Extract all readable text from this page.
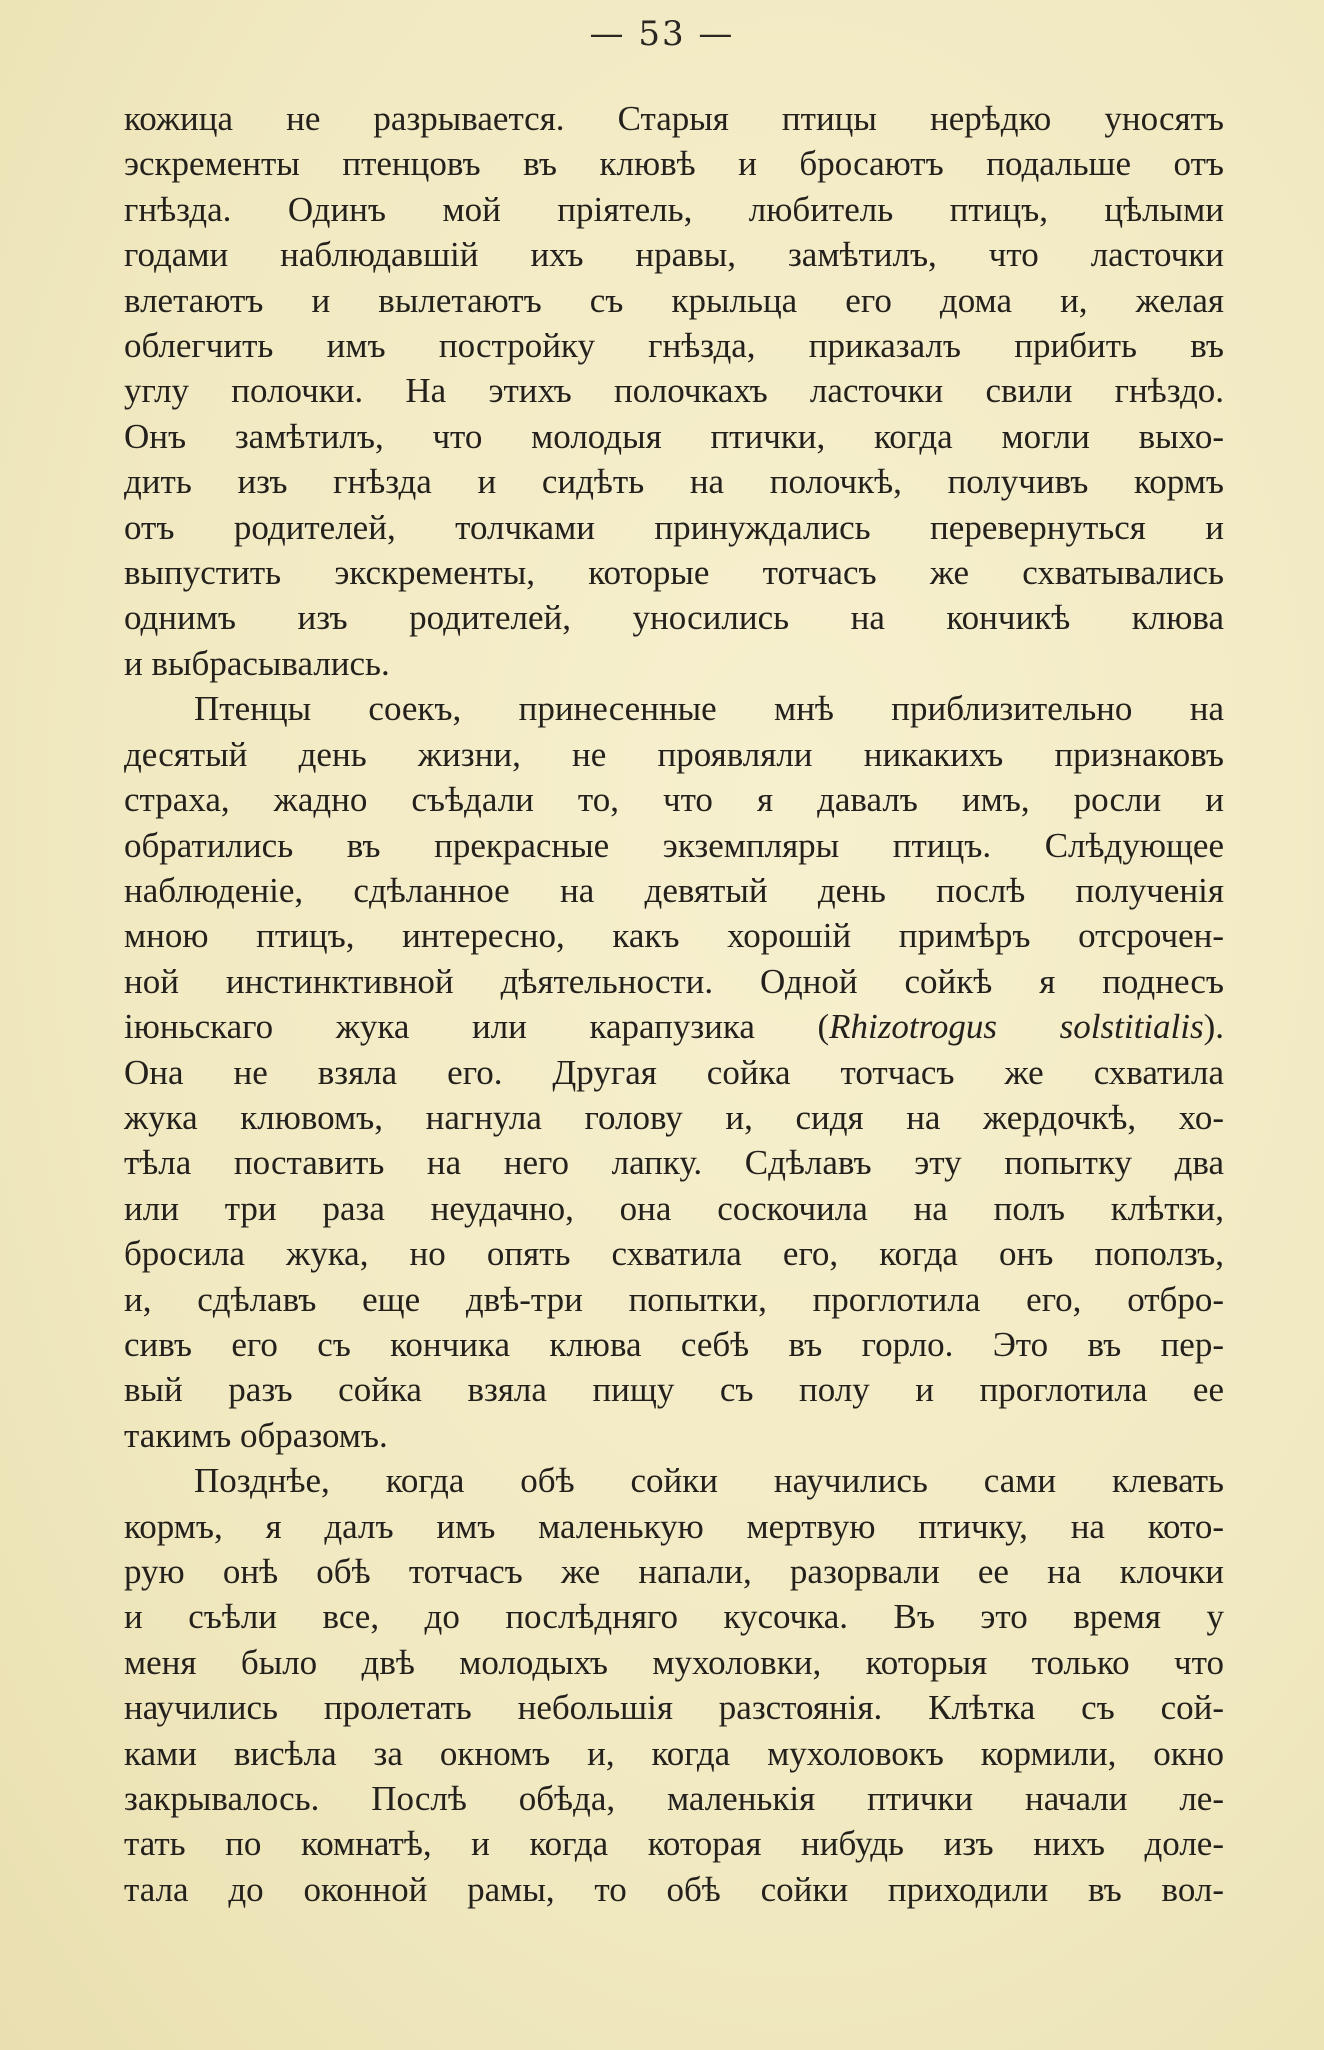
— 53 —
кожица не разрывается. Старыя птицы нерѣдко уносятъ
эскременты птенцовъ въ клювѣ и бросаютъ подальше отъ
гнѣзда. Одинъ мой пріятель, любитель птицъ, цѣлыми
годами наблюдавшій ихъ нравы, замѣтилъ, что ласточки
влетаютъ и вылетаютъ съ крыльца его дома и, желая
облегчить имъ постройку гнѣзда, приказалъ прибить въ
углу полочки. На этихъ полочкахъ ласточки свили гнѣздо.
Онъ замѣтилъ, что молодыя птички, когда могли выхо-
дить изъ гнѣзда и сидѣть на полочкѣ, получивъ кормъ
отъ родителей, толчками принуждались перевернуться и
выпустить экскременты, которые тотчасъ же схватывались
однимъ изъ родителей, уносились на кончикѣ клюва
и выбрасывались.
Птенцы соекъ, принесенные мнѣ приблизительно на
десятый день жизни, не проявляли никакихъ признаковъ
страха, жадно съѣдали то, что я давалъ имъ, росли и
обратились въ прекрасные экземпляры птицъ. Слѣдующее
наблюденіе, сдѣланное на девятый день послѣ полученія
мною птицъ, интересно, какъ хорошій примѣръ отсрочен-
ной инстинктивной дѣятельности. Одной сойкѣ я поднесъ
іюньскаго жука или карапузика (Rhizotrogus solstitialis).
Она не взяла его. Другая сойка тотчасъ же схватила
жука клювомъ, нагнула голову и, сидя на жердочкѣ, хо-
тѣла поставить на него лапку. Сдѣлавъ эту попытку два
или три раза неудачно, она соскочила на полъ клѣтки,
бросила жука, но опять схватила его, когда онъ поползъ,
и, сдѣлавъ еще двѣ-три попытки, проглотила его, отбро-
сивъ его съ кончика клюва себѣ въ горло. Это въ пер-
вый разъ сойка взяла пищу съ полу и проглотила ее
такимъ образомъ.
Позднѣе, когда обѣ сойки научились сами клевать
кормъ, я далъ имъ маленькую мертвую птичку, на кото-
рую онѣ обѣ тотчасъ же напали, разорвали ее на клочки
и съѣли все, до послѣдняго кусочка. Въ это время у
меня было двѣ молодыхъ мухоловки, которыя только что
научились пролетать небольшія разстоянія. Клѣтка съ сой-
ками висѣла за окномъ и, когда мухоловокъ кормили, окно
закрывалось. Послѣ обѣда, маленькія птички начали ле-
тать по комнатѣ, и когда которая нибудь изъ нихъ доле-
тала до оконной рамы, то обѣ сойки приходили въ вол-
